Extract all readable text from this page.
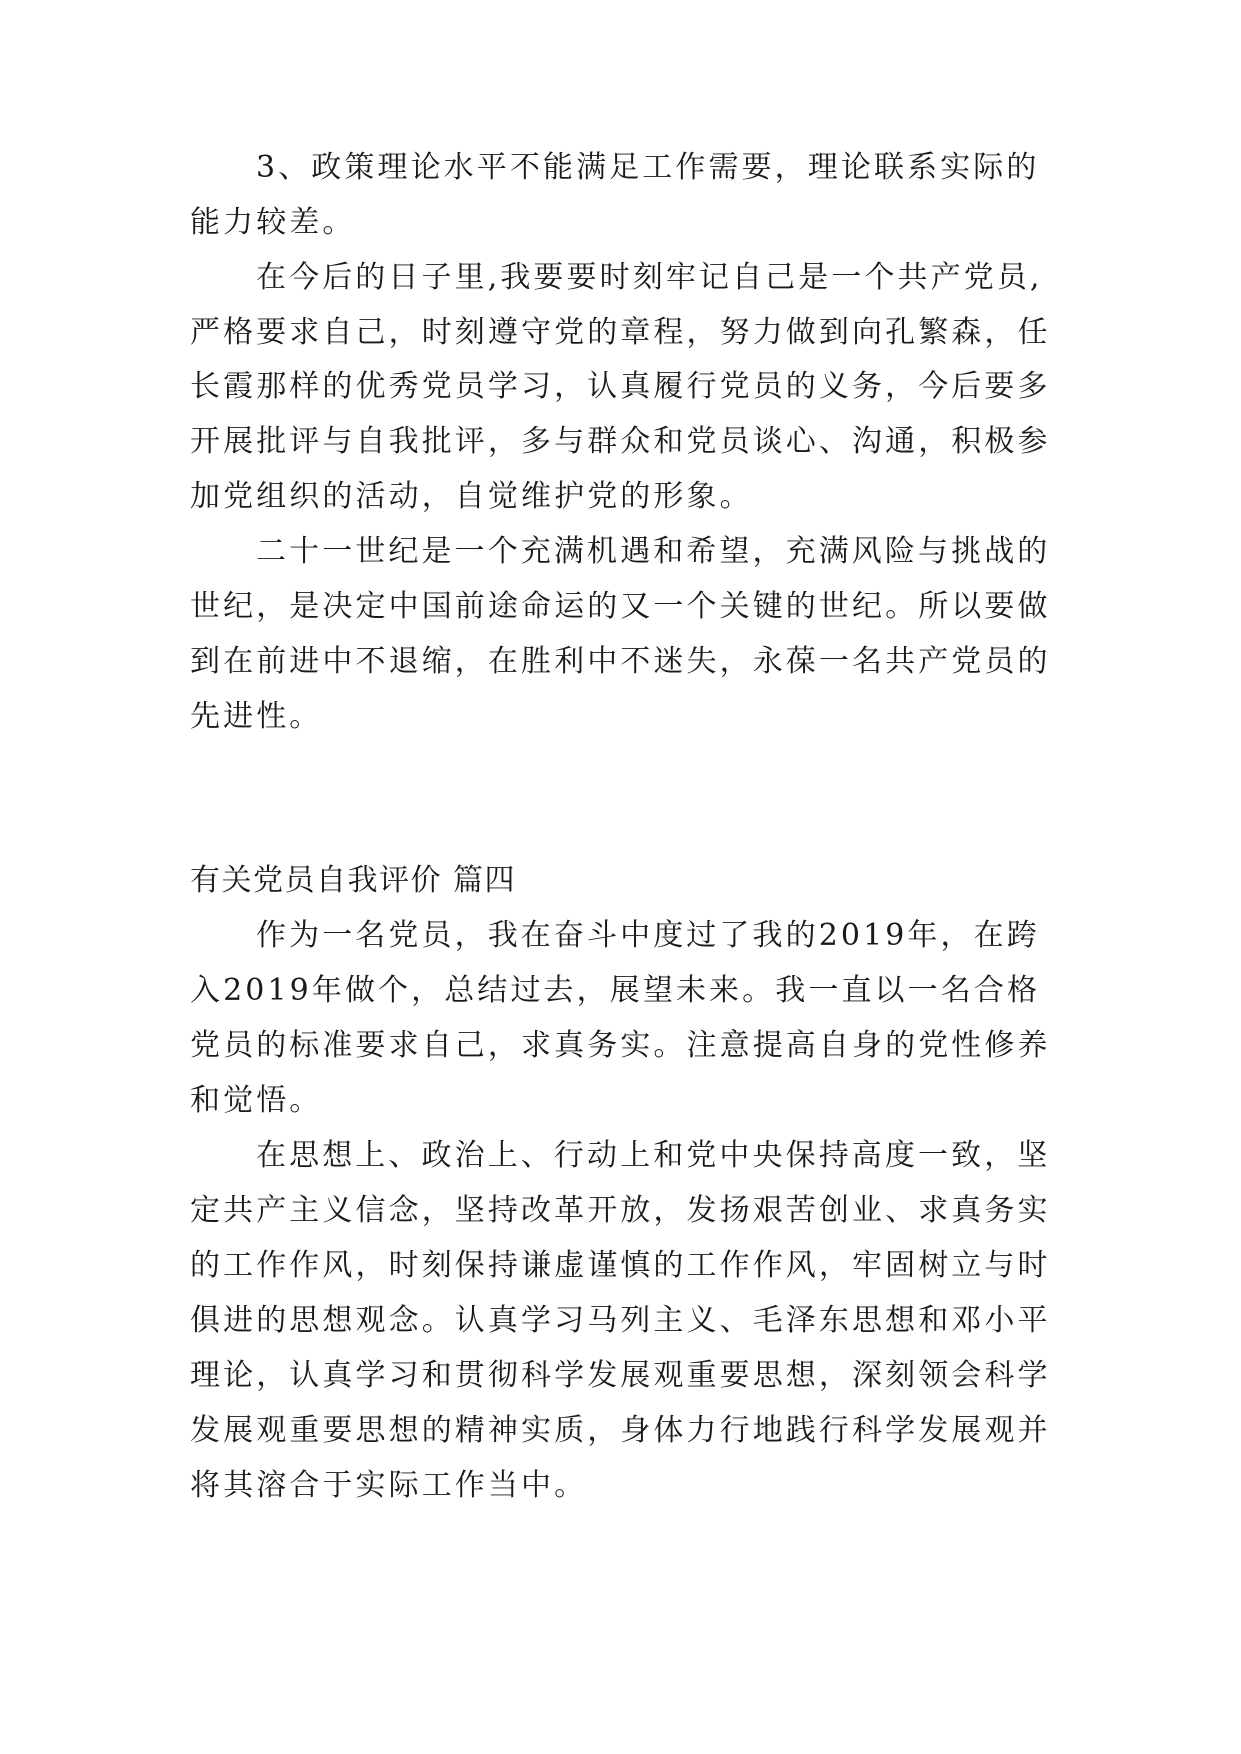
3、政策理论水平不能满足工作需要，理论联系实际的
能力较差。
在今后的日子里,我要要时刻牢记自己是一个共产党员,
严格要求自己，时刻遵守党的章程，努力做到向孔繁森，任
长霞那样的优秀党员学习，认真履行党员的义务，今后要多
开展批评与自我批评，多与群众和党员谈心、沟通，积极参
加党组织的活动，自觉维护党的形象。
二十一世纪是一个充满机遇和希望，充满风险与挑战的
世纪，是决定中国前途命运的又一个关键的世纪。所以要做
到在前进中不退缩，在胜利中不迷失，永葆一名共产党员的
先进性。
有关党员自我评价 篇四
作为一名党员，我在奋斗中度过了我的2019年，在跨
入2019年做个，总结过去，展望未来。我一直以一名合格
党员的标准要求自己，求真务实。注意提高自身的党性修养
和觉悟。
在思想上、政治上、行动上和党中央保持高度一致，坚
定共产主义信念，坚持改革开放，发扬艰苦创业、求真务实
的工作作风，时刻保持谦虚谨慎的工作作风，牢固树立与时
俱进的思想观念。认真学习马列主义、毛泽东思想和邓小平
理论，认真学习和贯彻科学发展观重要思想，深刻领会科学
发展观重要思想的精神实质，身体力行地践行科学发展观并
将其溶合于实际工作当中。
